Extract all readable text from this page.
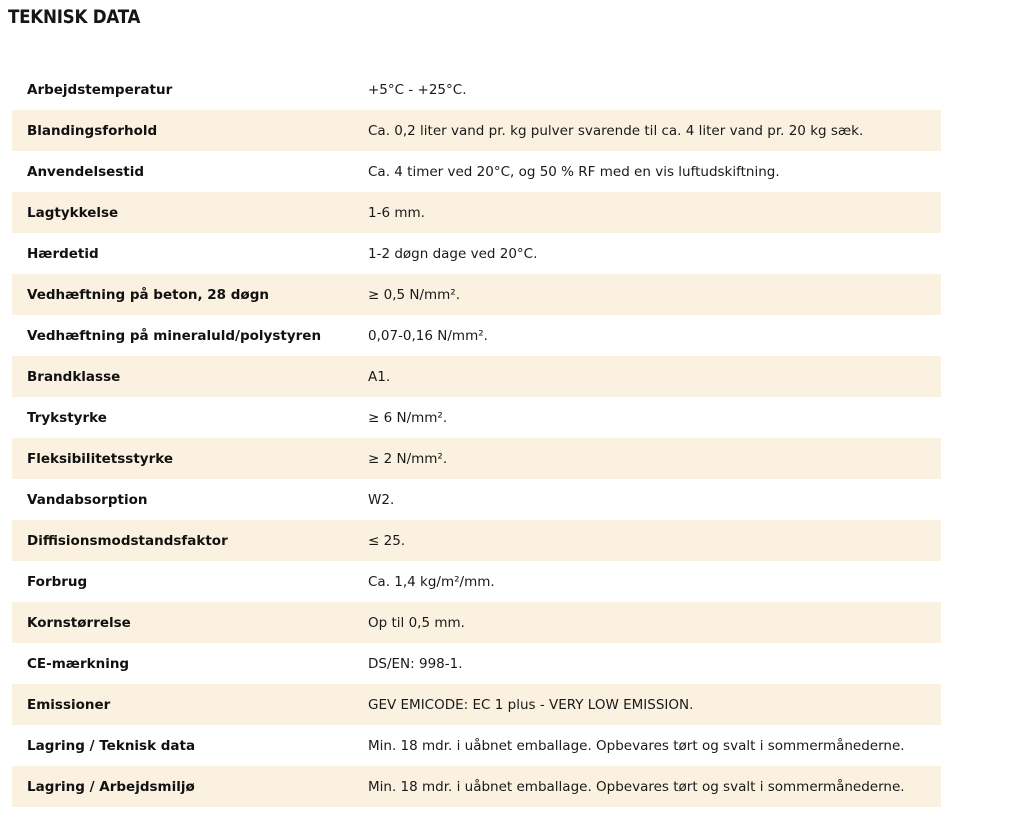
TEKNISK DATA
Arbejdstemperatur	+5°C - +25°C.
Blandingsforhold	Ca. 0,2 liter vand pr. kg pulver svarende til ca. 4 liter vand pr. 20 kg sæk.
Anvendelsestid	Ca. 4 timer ved 20°C, og 50 % RF med en vis luftudskiftning.
Lagtykkelse	1-6 mm.
Hærdetid	1-2 døgn dage ved 20°C.
Vedhæftning på beton, 28 døgn	≥ 0,5 N/mm².
Vedhæftning på mineraluld/polystyren	0,07-0,16 N/mm².
Brandklasse	A1.
Trykstyrke	≥ 6 N/mm².
Fleksibilitetsstyrke	≥ 2 N/mm².
Vandabsorption	W2.
Diffisionsmodstandsfaktor	≤ 25.
Forbrug	Ca. 1,4 kg/m²/mm.
Kornstørrelse	Op til 0,5 mm.
CE-mærkning	DS/EN: 998-1.
Emissioner	GEV EMICODE: EC 1 plus - VERY LOW EMISSION.
Lagring / Teknisk data	Min. 18 mdr. i uåbnet emballage. Opbevares tørt og svalt i sommermånederne.
Lagring / Arbejdsmiljø	Min. 18 mdr. i uåbnet emballage. Opbevares tørt og svalt i sommermånederne.
